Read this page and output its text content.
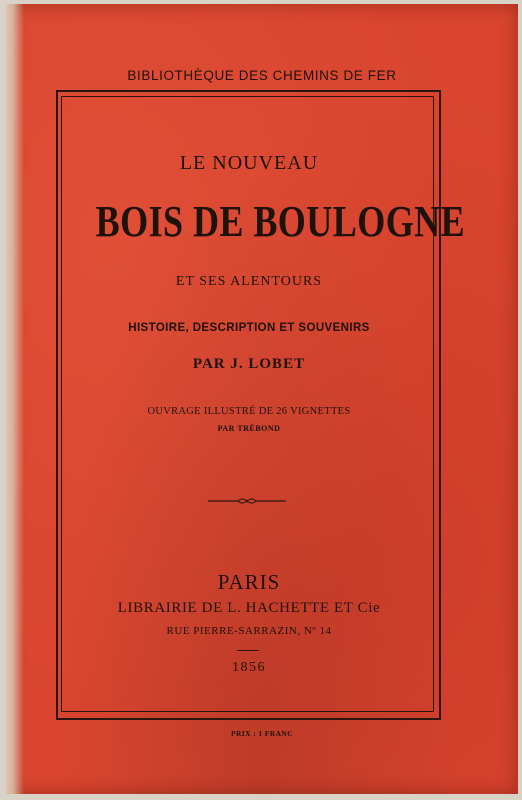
BIBLIOTHÈQUE DES CHEMINS DE FER
LE NOUVEAU
BOIS DE BOULOGNE
ET SES ALENTOURS
HISTOIRE, DESCRIPTION ET SOUVENIRS
PAR J. LOBET
OUVRAGE ILLUSTRÉ DE 26 VIGNETTES
PAR TRÉBOND
PARIS
LIBRAIRIE DE L. HACHETTE ET Cie
RUE PIERRE-SARRAZIN, Nº 14
1856
PRIX : 1 FRANC
